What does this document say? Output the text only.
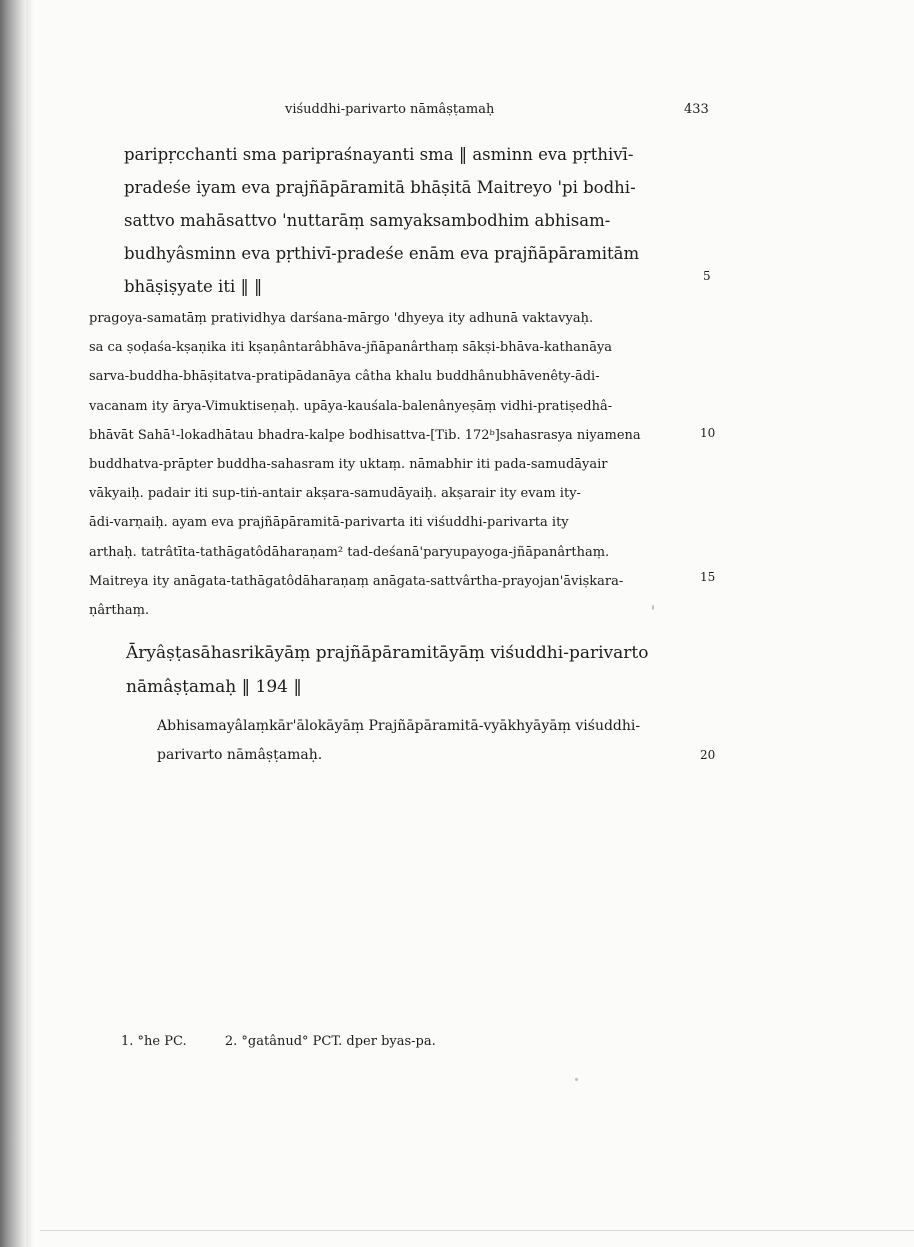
viśuddhi-parivarto nāmâṣṭamaḥ	433
paripṛcchanti sma paripraśnayanti sma ‖ asminn eva pṛthivī-
pradeśe iyam eva prajñāpāramitā bhāṣitā Maitreyo 'pi bodhi-
sattvo mahāsattvo 'nuttarāṃ samyaksambodhim abhisam-
budhyâsminn eva pṛthivī-pradeśe enām eva prajñāpāramitām
bhāṣiṣyate iti ‖ ‖
pragoya-samatāṃ pratividhya darśana-mārgo 'dhyeya ity adhunā vaktavyaḥ.
sa ca ṣoḍaśa-kṣaṇika iti kṣaṇântarâbhāva-jñāpanârthaṃ sākṣi-bhāva-kathanāya
sarva-buddha-bhāṣitatva-pratipādanāya câtha khalu buddhânubhāvenêty-ādi-
vacanam ity ārya-Vimuktiseṇaḥ. upāya-kauśala-balenânyeṣāṃ vidhi-pratiṣedhâ-
bhāvāt Sahā¹-lokadhātau bhadra-kalpe bodhisattva-[Tib. 172ᵇ]sahasrasya niyamena
buddhatva-prāpter buddha-sahasram ity uktaṃ. nāmabhir iti pada-samudāyair
vākyaiḥ. padair iti sup-tiṅ-antair akṣara-samudāyaiḥ. akṣarair ity evam ity-
ādi-varṇaiḥ. ayam eva prajñāpāramitā-parivarta iti viśuddhi-parivarta ity
arthaḥ. tatrâtīta-tathāgatôdāharaṇam² tad-deśanā'paryupayoga-jñāpanârthaṃ.
Maitreya ity anāgata-tathāgatôdāharaṇaṃ anāgata-sattvârtha-prayojan'āviṣkara-
ṇârthaṃ.
Āryâṣṭasāhasrikāyāṃ prajñāpāramitāyāṃ viśuddhi-parivarto
nāmâṣṭamaḥ ‖ 194 ‖
Abhisamayâlaṃkār'ālokāyāṃ Prajñāpāramitā-vyākhyāyāṃ viśuddhi-
parivarto nāmâṣṭamaḥ.
5
10
15
20
1. °he PC.	2. °gatânud° PCT. dper byas-pa.
